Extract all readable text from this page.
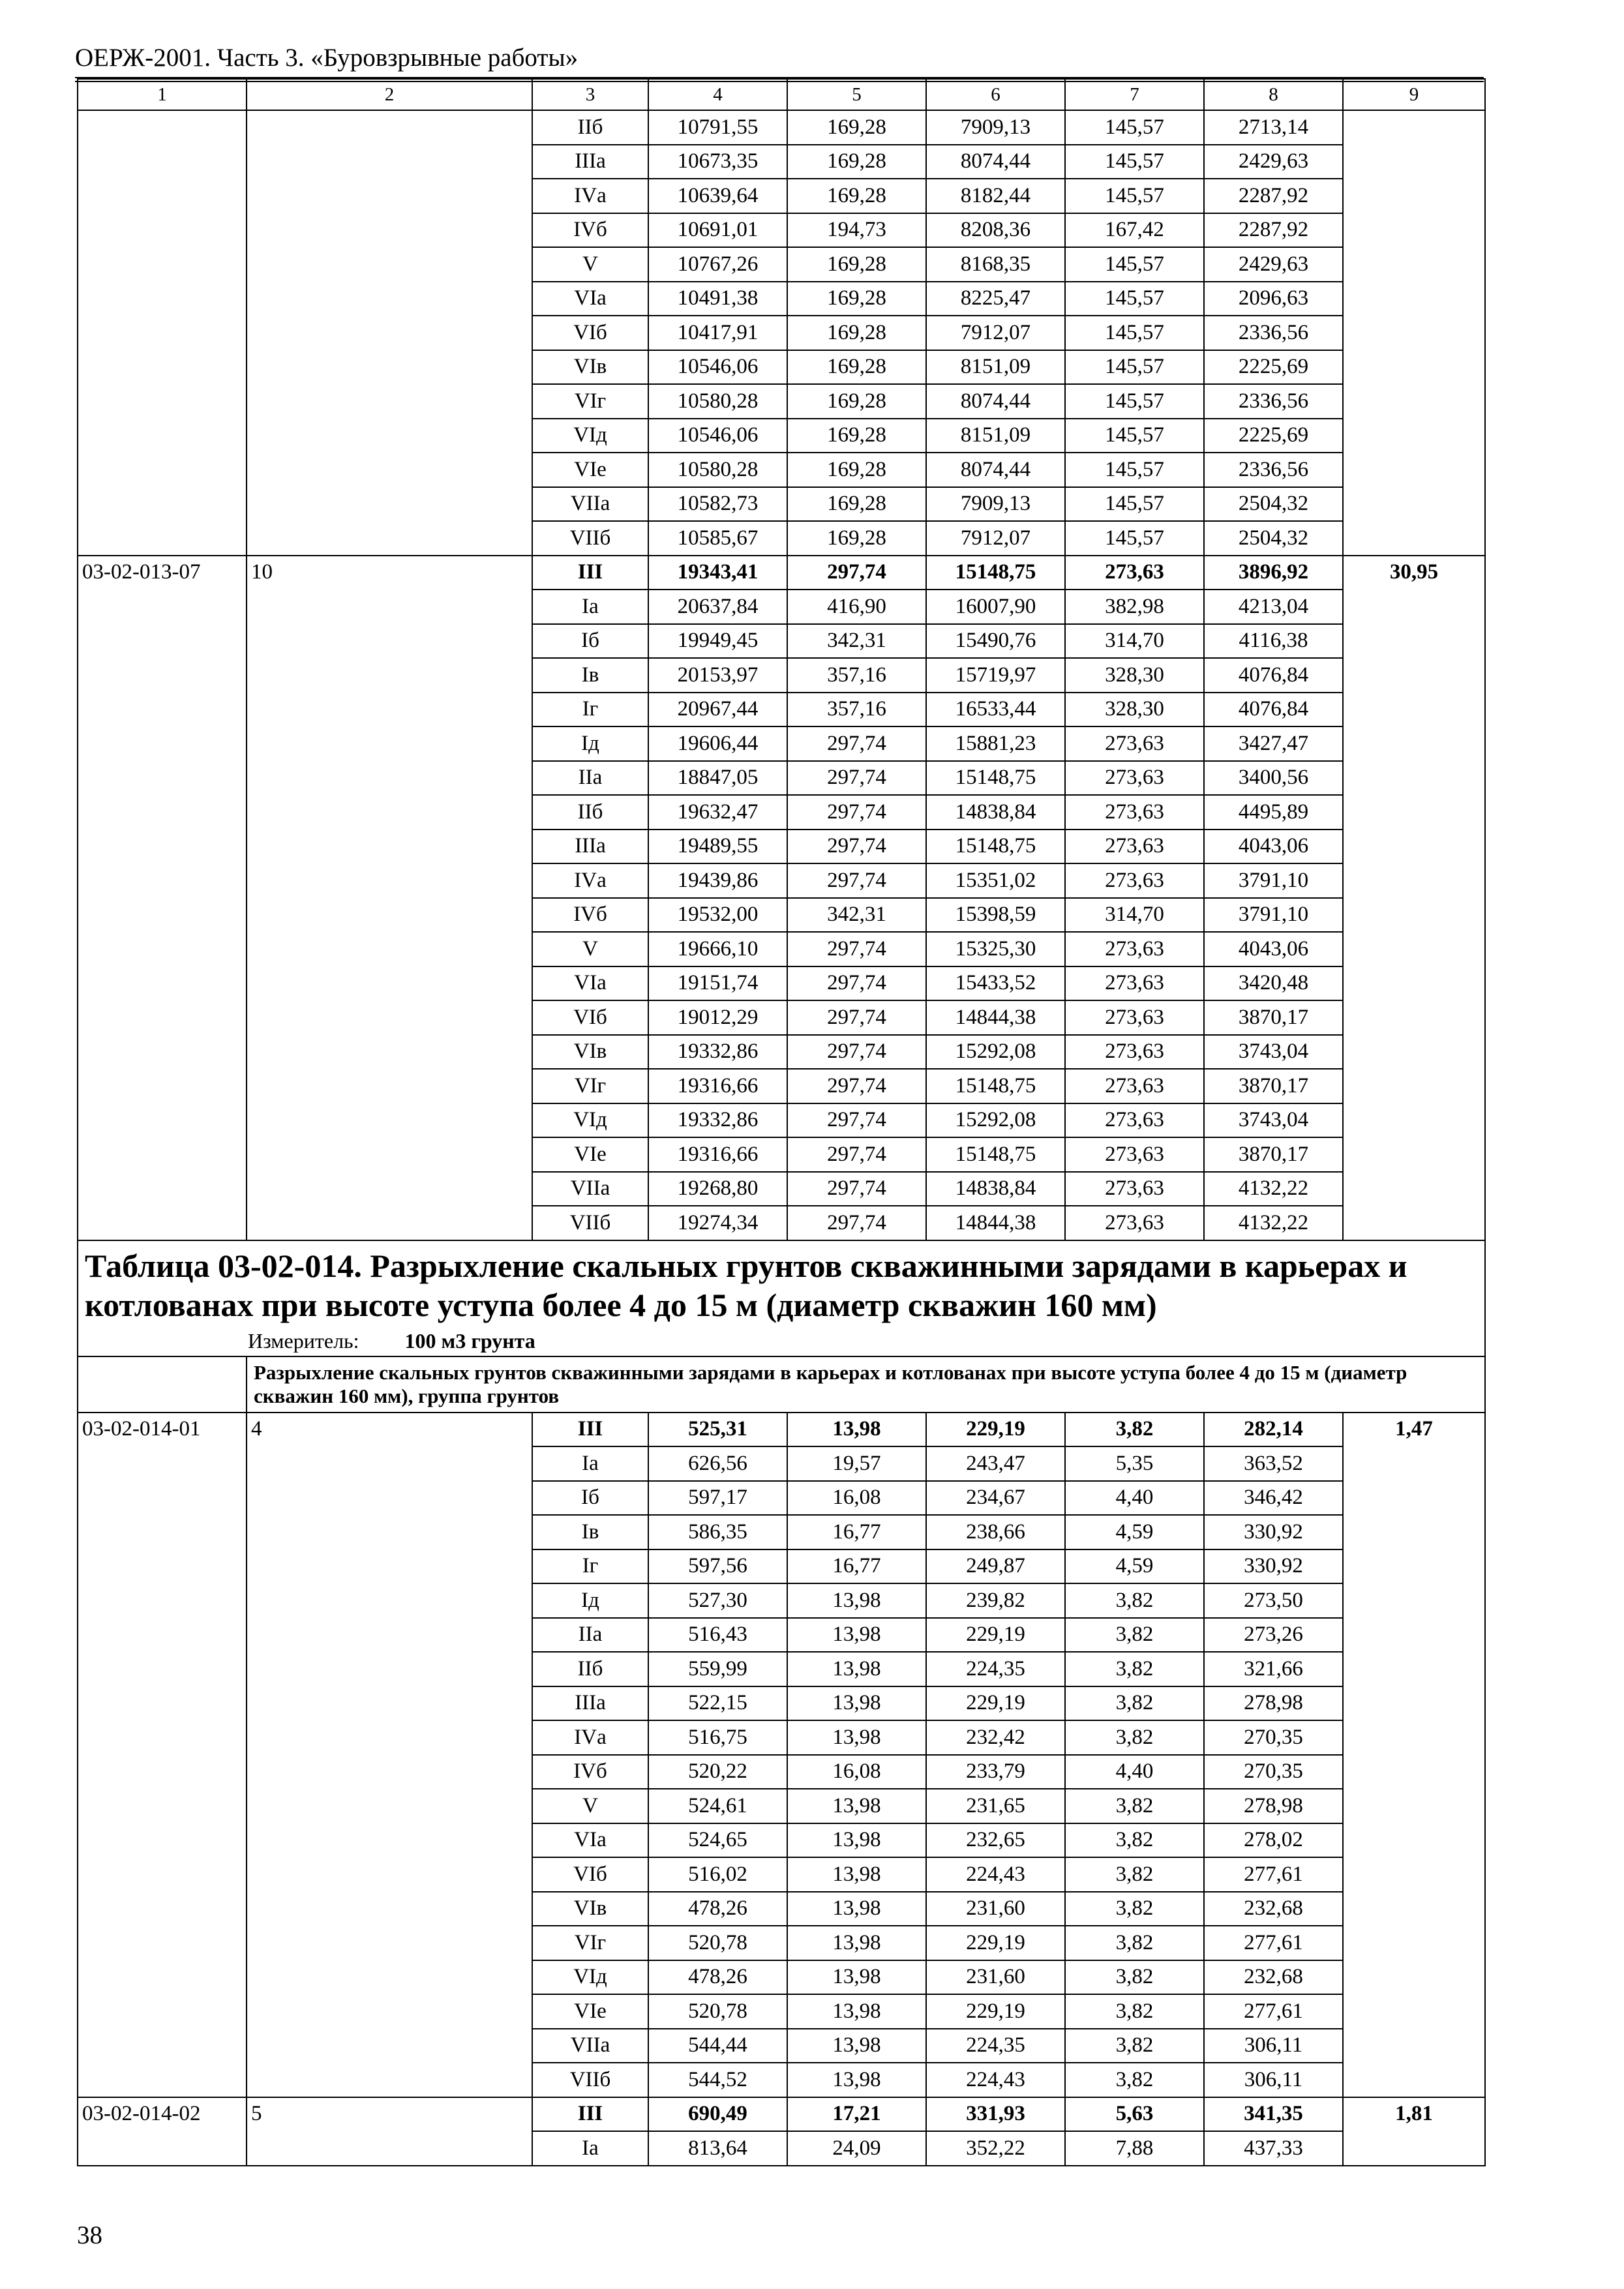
ОЕРЖ-2001. Часть 3. «Буровзрывные работы»
1	2	3	4	5	6	7	8	9
		IIб	10791,55	169,28	7909,13	145,57	2713,14	
		IIIа	10673,35	169,28	8074,44	145,57	2429,63	
		IVа	10639,64	169,28	8182,44	145,57	2287,92	
		IVб	10691,01	194,73	8208,36	167,42	2287,92	
		V	10767,26	169,28	8168,35	145,57	2429,63	
		VIа	10491,38	169,28	8225,47	145,57	2096,63	
		VIб	10417,91	169,28	7912,07	145,57	2336,56	
		VIв	10546,06	169,28	8151,09	145,57	2225,69	
		VIг	10580,28	169,28	8074,44	145,57	2336,56	
		VIд	10546,06	169,28	8151,09	145,57	2225,69	
		VIе	10580,28	169,28	8074,44	145,57	2336,56	
		VIIа	10582,73	169,28	7909,13	145,57	2504,32	
		VIIб	10585,67	169,28	7912,07	145,57	2504,32	
03-02-013-07	10	III	19343,41	297,74	15148,75	273,63	3896,92	30,95
		Iа	20637,84	416,90	16007,90	382,98	4213,04	
		Iб	19949,45	342,31	15490,76	314,70	4116,38	
		Iв	20153,97	357,16	15719,97	328,30	4076,84	
		Iг	20967,44	357,16	16533,44	328,30	4076,84	
		Iд	19606,44	297,74	15881,23	273,63	3427,47	
		IIа	18847,05	297,74	15148,75	273,63	3400,56	
		IIб	19632,47	297,74	14838,84	273,63	4495,89	
		IIIа	19489,55	297,74	15148,75	273,63	4043,06	
		IVа	19439,86	297,74	15351,02	273,63	3791,10	
		IVб	19532,00	342,31	15398,59	314,70	3791,10	
		V	19666,10	297,74	15325,30	273,63	4043,06	
		VIа	19151,74	297,74	15433,52	273,63	3420,48	
		VIб	19012,29	297,74	14844,38	273,63	3870,17	
		VIв	19332,86	297,74	15292,08	273,63	3743,04	
		VIг	19316,66	297,74	15148,75	273,63	3870,17	
		VIд	19332,86	297,74	15292,08	273,63	3743,04	
		VIе	19316,66	297,74	15148,75	273,63	3870,17	
		VIIа	19268,80	297,74	14838,84	273,63	4132,22	
		VIIб	19274,34	297,74	14844,38	273,63	4132,22	

Таблица 03-02-014. Разрыхление скальных грунтов скважинными зарядами в карьерах и котлованах при высоте уступа более 4 до 15 м (диаметр скважин 160 мм)
Измеритель: 100 м3 грунта								

	Разрыхление скальных грунтов скважинными зарядами в карьерах и котлованах при высоте уступа более 4 до 15 м (диаметр скважин 160 мм), группа грунтов							
03-02-014-01	4	III	525,31	13,98	229,19	3,82	282,14	1,47
		Iа	626,56	19,57	243,47	5,35	363,52	
		Iб	597,17	16,08	234,67	4,40	346,42	
		Iв	586,35	16,77	238,66	4,59	330,92	
		Iг	597,56	16,77	249,87	4,59	330,92	
		Iд	527,30	13,98	239,82	3,82	273,50	
		IIа	516,43	13,98	229,19	3,82	273,26	
		IIб	559,99	13,98	224,35	3,82	321,66	
		IIIа	522,15	13,98	229,19	3,82	278,98	
		IVа	516,75	13,98	232,42	3,82	270,35	
		IVб	520,22	16,08	233,79	4,40	270,35	
		V	524,61	13,98	231,65	3,82	278,98	
		VIа	524,65	13,98	232,65	3,82	278,02	
		VIб	516,02	13,98	224,43	3,82	277,61	
		VIв	478,26	13,98	231,60	3,82	232,68	
		VIг	520,78	13,98	229,19	3,82	277,61	
		VIд	478,26	13,98	231,60	3,82	232,68	
		VIе	520,78	13,98	229,19	3,82	277,61	
		VIIа	544,44	13,98	224,35	3,82	306,11	
		VIIб	544,52	13,98	224,43	3,82	306,11	
03-02-014-02	5	III	690,49	17,21	331,93	5,63	341,35	1,81
		Iа	813,64	24,09	352,22	7,88	437,33	
38
